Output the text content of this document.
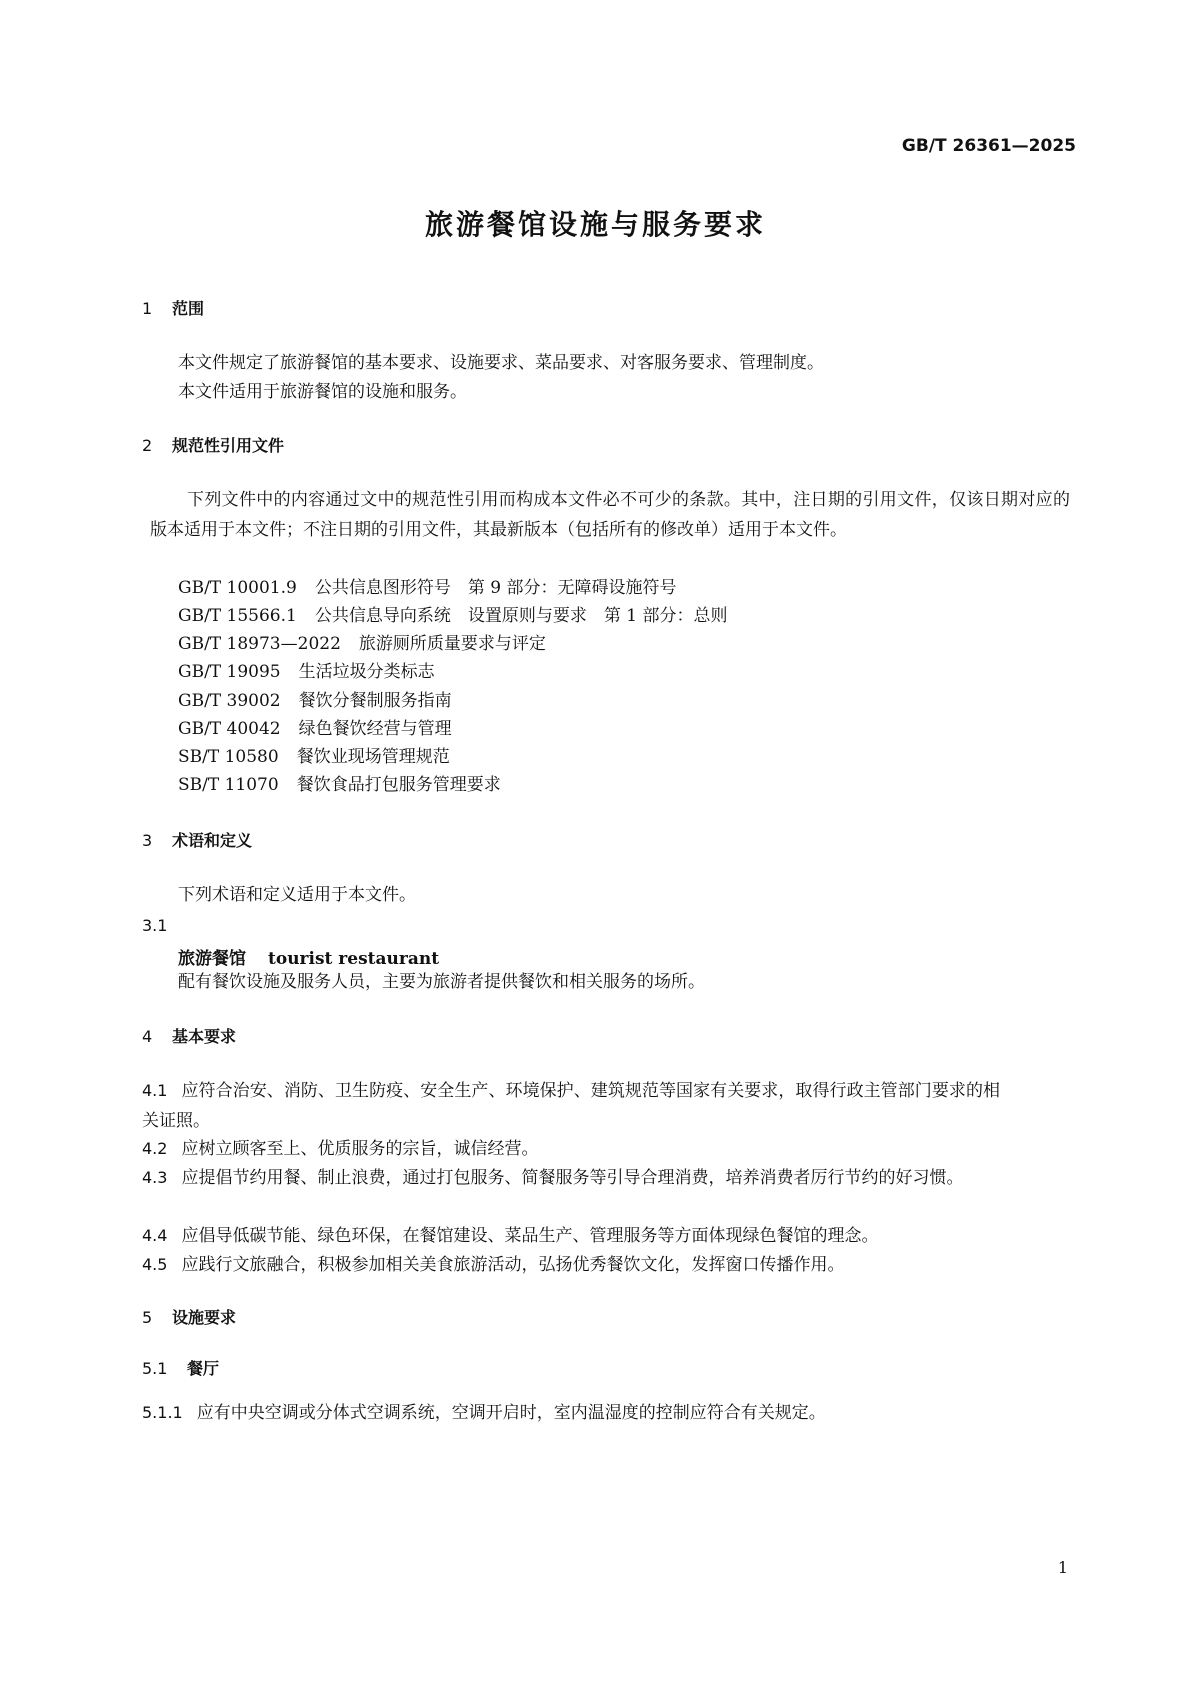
GB/T 26361—2025
旅游餐馆设施与服务要求
1 范围
本文件规定了旅游餐馆的基本要求、设施要求、菜品要求、对客服务要求、管理制度。
本文件适用于旅游餐馆的设施和服务。
2 规范性引用文件
下列文件中的内容通过文中的规范性引用而构成本文件必不可少的条款。其中，注日期的引用文件，仅该日期对应的版本适用于本文件；不注日期的引用文件，其最新版本（包括所有的修改单）适用于本文件。
GB/T 10001.9 公共信息图形符号　第 9 部分：无障碍设施符号
GB/T 15566.1 公共信息导向系统　设置原则与要求　第 1 部分：总则
GB/T 18973—2022 旅游厕所质量要求与评定
GB/T 19095 生活垃圾分类标志
GB/T 39002 餐饮分餐制服务指南
GB/T 40042 绿色餐饮经营与管理
SB/T 10580 餐饮业现场管理规范
SB/T 11070 餐饮食品打包服务管理要求
3 术语和定义
下列术语和定义适用于本文件。
3.1
旅游餐馆 tourist restaurant
配有餐饮设施及服务人员，主要为旅游者提供餐饮和相关服务的场所。
4 基本要求
4.1 应符合治安、消防、卫生防疫、安全生产、环境保护、建筑规范等国家有关要求，取得行政主管部门要求的相关证照。
4.2 应树立顾客至上、优质服务的宗旨，诚信经营。
4.3 应提倡节约用餐、制止浪费，通过打包服务、简餐服务等引导合理消费，培养消费者厉行节约的好习惯。
4.4 应倡导低碳节能、绿色环保，在餐馆建设、菜品生产、管理服务等方面体现绿色餐馆的理念。
4.5 应践行文旅融合，积极参加相关美食旅游活动，弘扬优秀餐饮文化，发挥窗口传播作用。
5 设施要求
5.1 餐厅
5.1.1 应有中央空调或分体式空调系统，空调开启时，室内温湿度的控制应符合有关规定。
1
